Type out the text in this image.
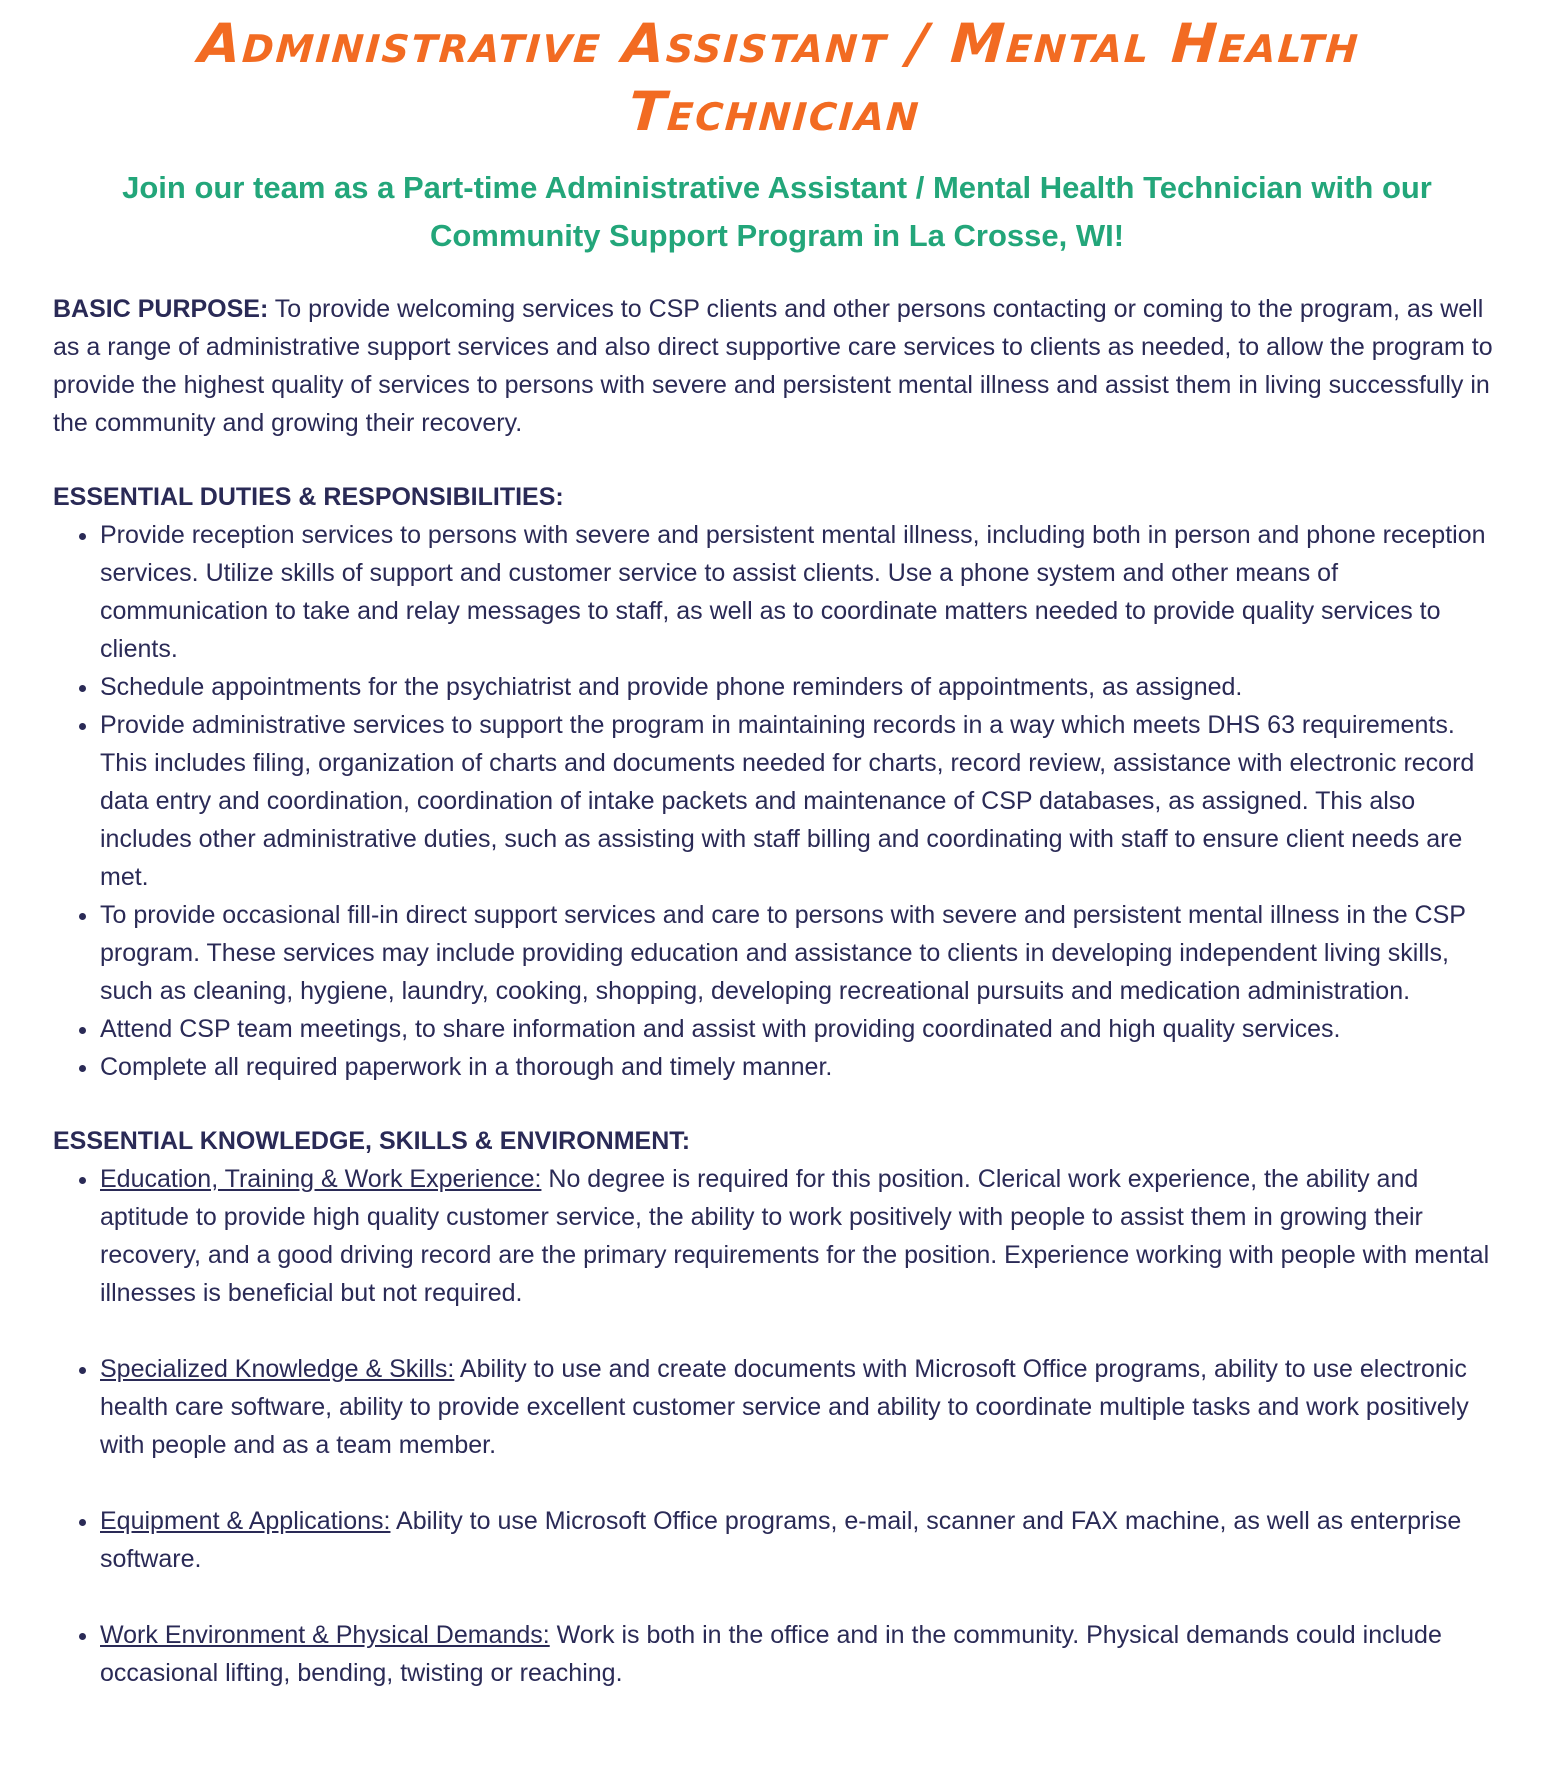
Administrative Assistant / Mental Health Technician
Join our team as a Part-time Administrative Assistant / Mental Health Technician with our Community Support Program in La Crosse, WI!

BASIC PURPOSE: To provide welcoming services to CSP clients and other persons contacting or coming to the program, as well as a range of administrative support services and also direct supportive care services to clients as needed, to allow the program to provide the highest quality of services to persons with severe and persistent mental illness and assist them in living successfully in the community and growing their recovery.

ESSENTIAL DUTIES & RESPONSIBILITIES:
• Provide reception services to persons with severe and persistent mental illness, including both in person and phone reception services. Utilize skills of support and customer service to assist clients. Use a phone system and other means of communication to take and relay messages to staff, as well as to coordinate matters needed to provide quality services to clients.
• Schedule appointments for the psychiatrist and provide phone reminders of appointments, as assigned.
• Provide administrative services to support the program in maintaining records in a way which meets DHS 63 requirements. This includes filing, organization of charts and documents needed for charts, record review, assistance with electronic record data entry and coordination, coordination of intake packets and maintenance of CSP databases, as assigned. This also includes other administrative duties, such as assisting with staff billing and coordinating with staff to ensure client needs are met.
• To provide occasional fill-in direct support services and care to persons with severe and persistent mental illness in the CSP program. These services may include providing education and assistance to clients in developing independent living skills, such as cleaning, hygiene, laundry, cooking, shopping, developing recreational pursuits and medication administration.
• Attend CSP team meetings, to share information and assist with providing coordinated and high quality services.
• Complete all required paperwork in a thorough and timely manner.
ESSENTIAL KNOWLEDGE, SKILLS & ENVIRONMENT:
• Education, Training & Work Experience: No degree is required for this position. Clerical work experience, the ability and aptitude to provide high quality customer service, the ability to work positively with people to assist them in growing their recovery, and a good driving record are the primary requirements for the position. Experience working with people with mental illnesses is beneficial but not required.
• Specialized Knowledge & Skills: Ability to use and create documents with Microsoft Office programs, ability to use electronic health care software, ability to provide excellent customer service and ability to coordinate multiple tasks and work positively with people and as a team member.
• Equipment & Applications: Ability to use Microsoft Office programs, e-mail, scanner and FAX machine, as well as enterprise software.
• Work Environment & Physical Demands: Work is both in the office and in the community. Physical demands could include occasional lifting, bending, twisting or reaching.
